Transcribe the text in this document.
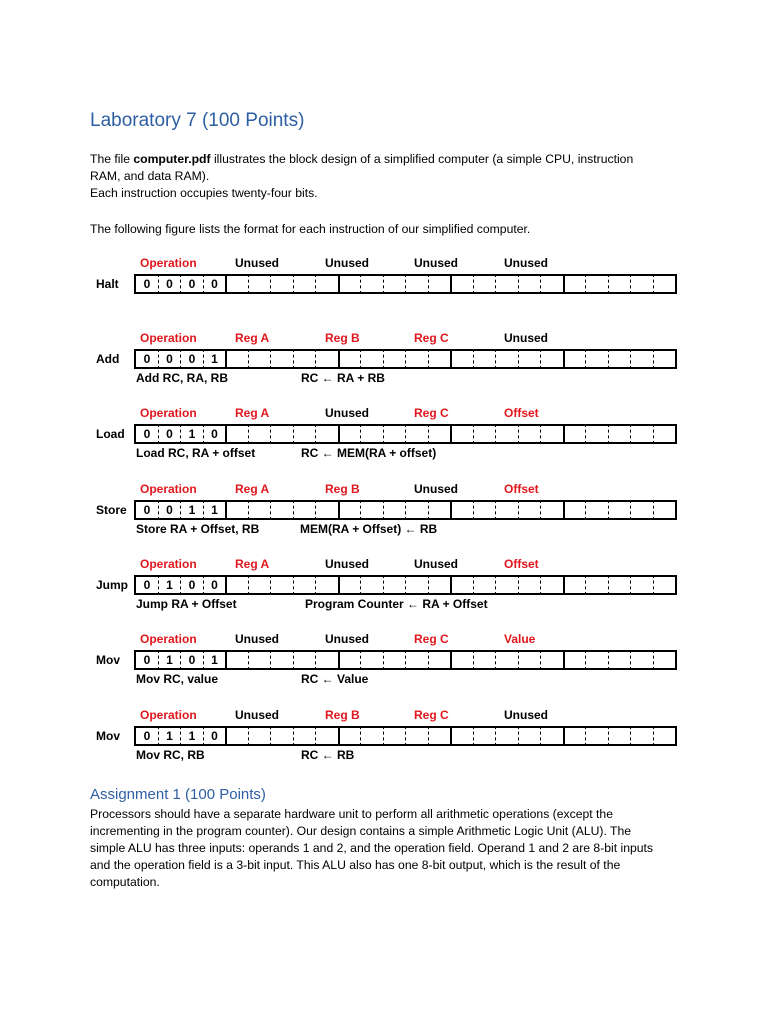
Laboratory 7 (100 Points)

The file computer.pdf illustrates the block design of a simplified computer (a simple CPU, instruction
RAM, and data RAM).
Each instruction occupies twenty-four bits.

The following figure lists the format for each instruction of our simplified computer.

Halt
Operation	Unused	Unused	Unused	Unused
0	0	0	0
Add
Operation	Reg A	Reg B	Reg C	Unused
0	0	0	1
Add RC, RA, RB	RC ← RA + RB
Load
Operation	Reg A	Unused	Reg C	Offset
0	0	1	0
Load RC, RA + offset	RC ← MEM(RA + offset)
Store
Operation	Reg A	Reg B	Unused	Offset
0	0	1	1
Store RA + Offset, RB	MEM(RA + Offset) ← RB
Jump
Operation	Reg A	Unused	Unused	Offset
0	1	0	0
Jump RA + Offset	Program Counter ← RA + Offset
Mov
Operation	Unused	Unused	Reg C	Value
0	1	0	1
Mov RC, value	RC ← Value
Mov
Operation	Unused	Reg B	Reg C	Unused
0	1	1	0
Mov RC, RB	RC ← RB
Assignment 1 (100 Points)

Processors should have a separate hardware unit to perform all arithmetic operations (except the
incrementing in the program counter). Our design contains a simple Arithmetic Logic Unit (ALU). The
simple ALU has three inputs: operands 1 and 2, and the operation field. Operand 1 and 2 are 8-bit inputs
and the operation field is a 3-bit input. This ALU also has one 8-bit output, which is the result of the
computation.
